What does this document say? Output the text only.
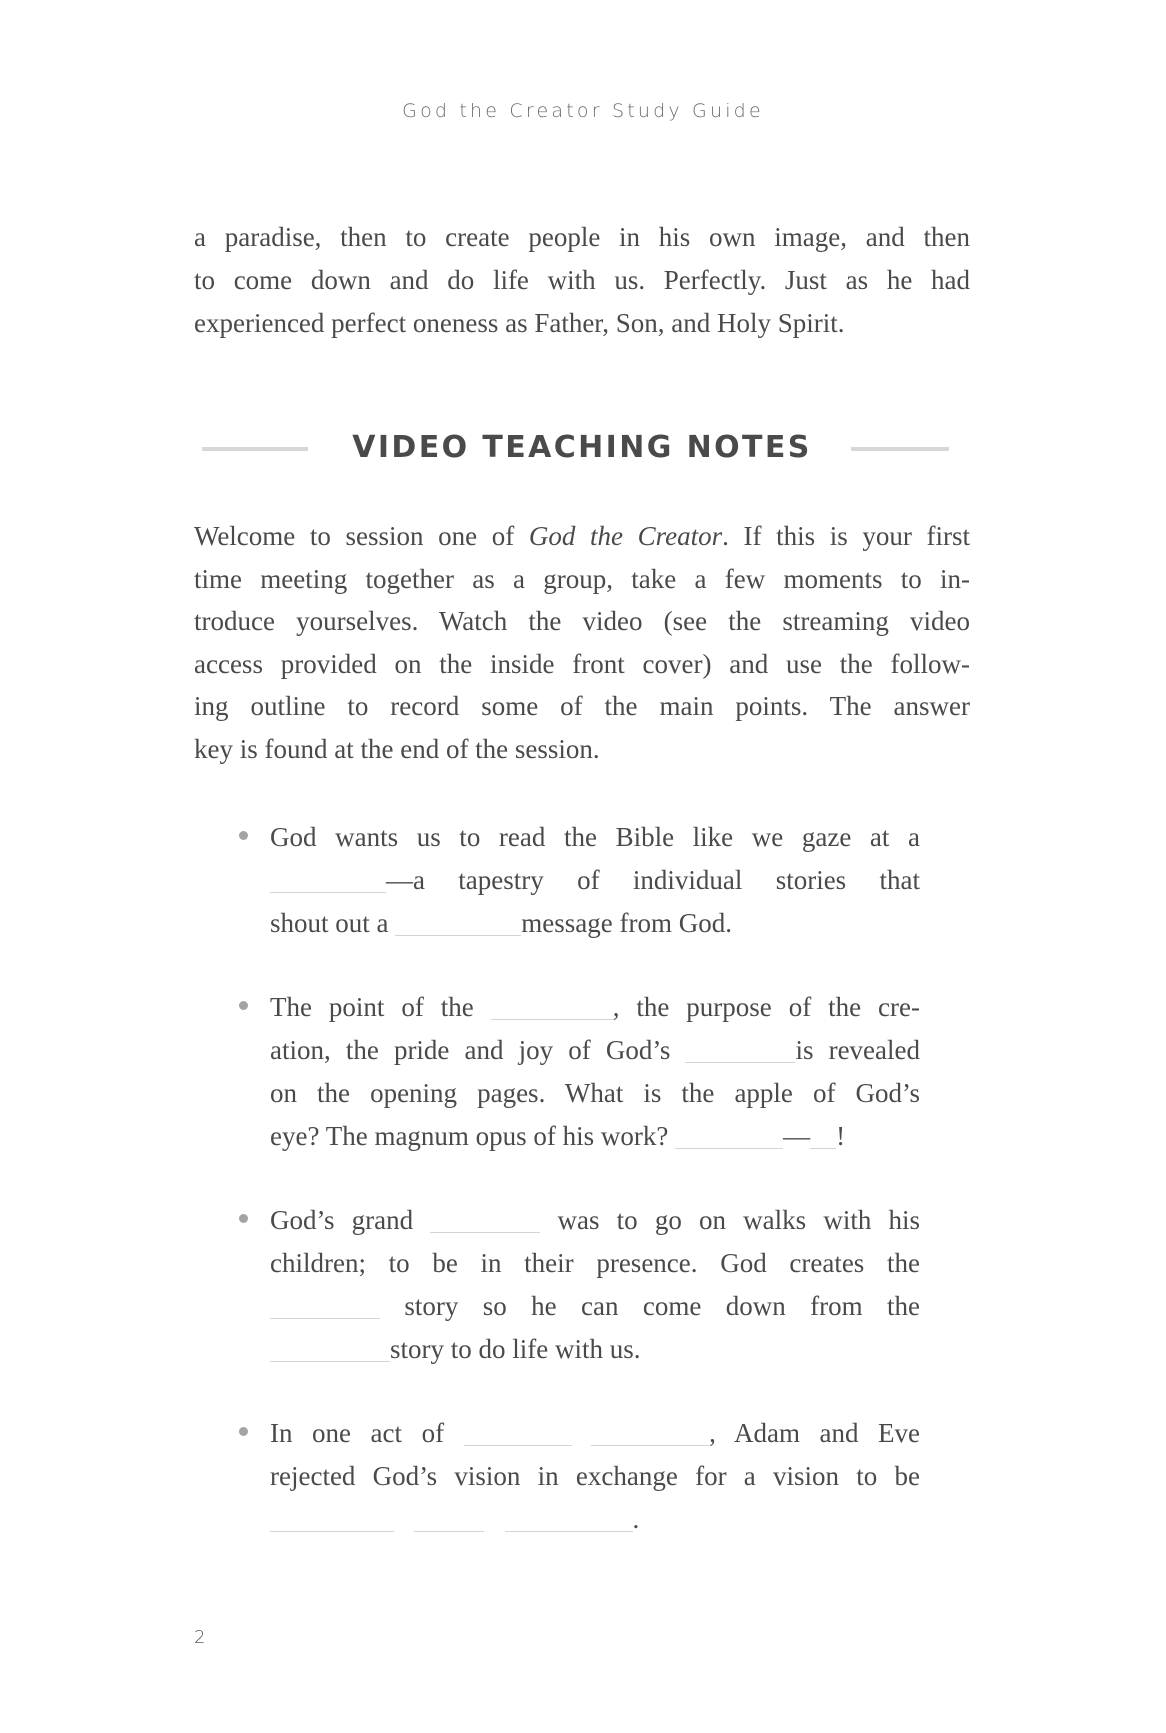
God the Creator Study Guide
a paradise, then to create people in his own image, and then
to come down and do life with us. Perfectly. Just as he had
experienced perfect oneness as Father, Son, and Holy Spirit.
VIDEO TEACHING NOTES
Welcome to session one of God the Creator. If this is your first
time meeting together as a group, take a few moments to in-
troduce yourselves. Watch the video (see the streaming video
access provided on the inside front cover) and use the follow-
ing outline to record some of the main points. The answer
key is found at the end of the session.
God wants us to read the Bible like we gaze at a
—a tapestry of individual stories that
shout out a	message from God.
The point of the	, the purpose of the cre-
ation, the pride and joy of God’s	is revealed
on the opening pages. What is the apple of God’s
eye? The magnum opus of his work?	— !
God’s grand	was to go on walks with his
children; to be in their presence. God creates the
story so he can come down from the
story to do life with us.
In one act of	, Adam and Eve
rejected God’s vision in exchange for a vision to be
.
2
